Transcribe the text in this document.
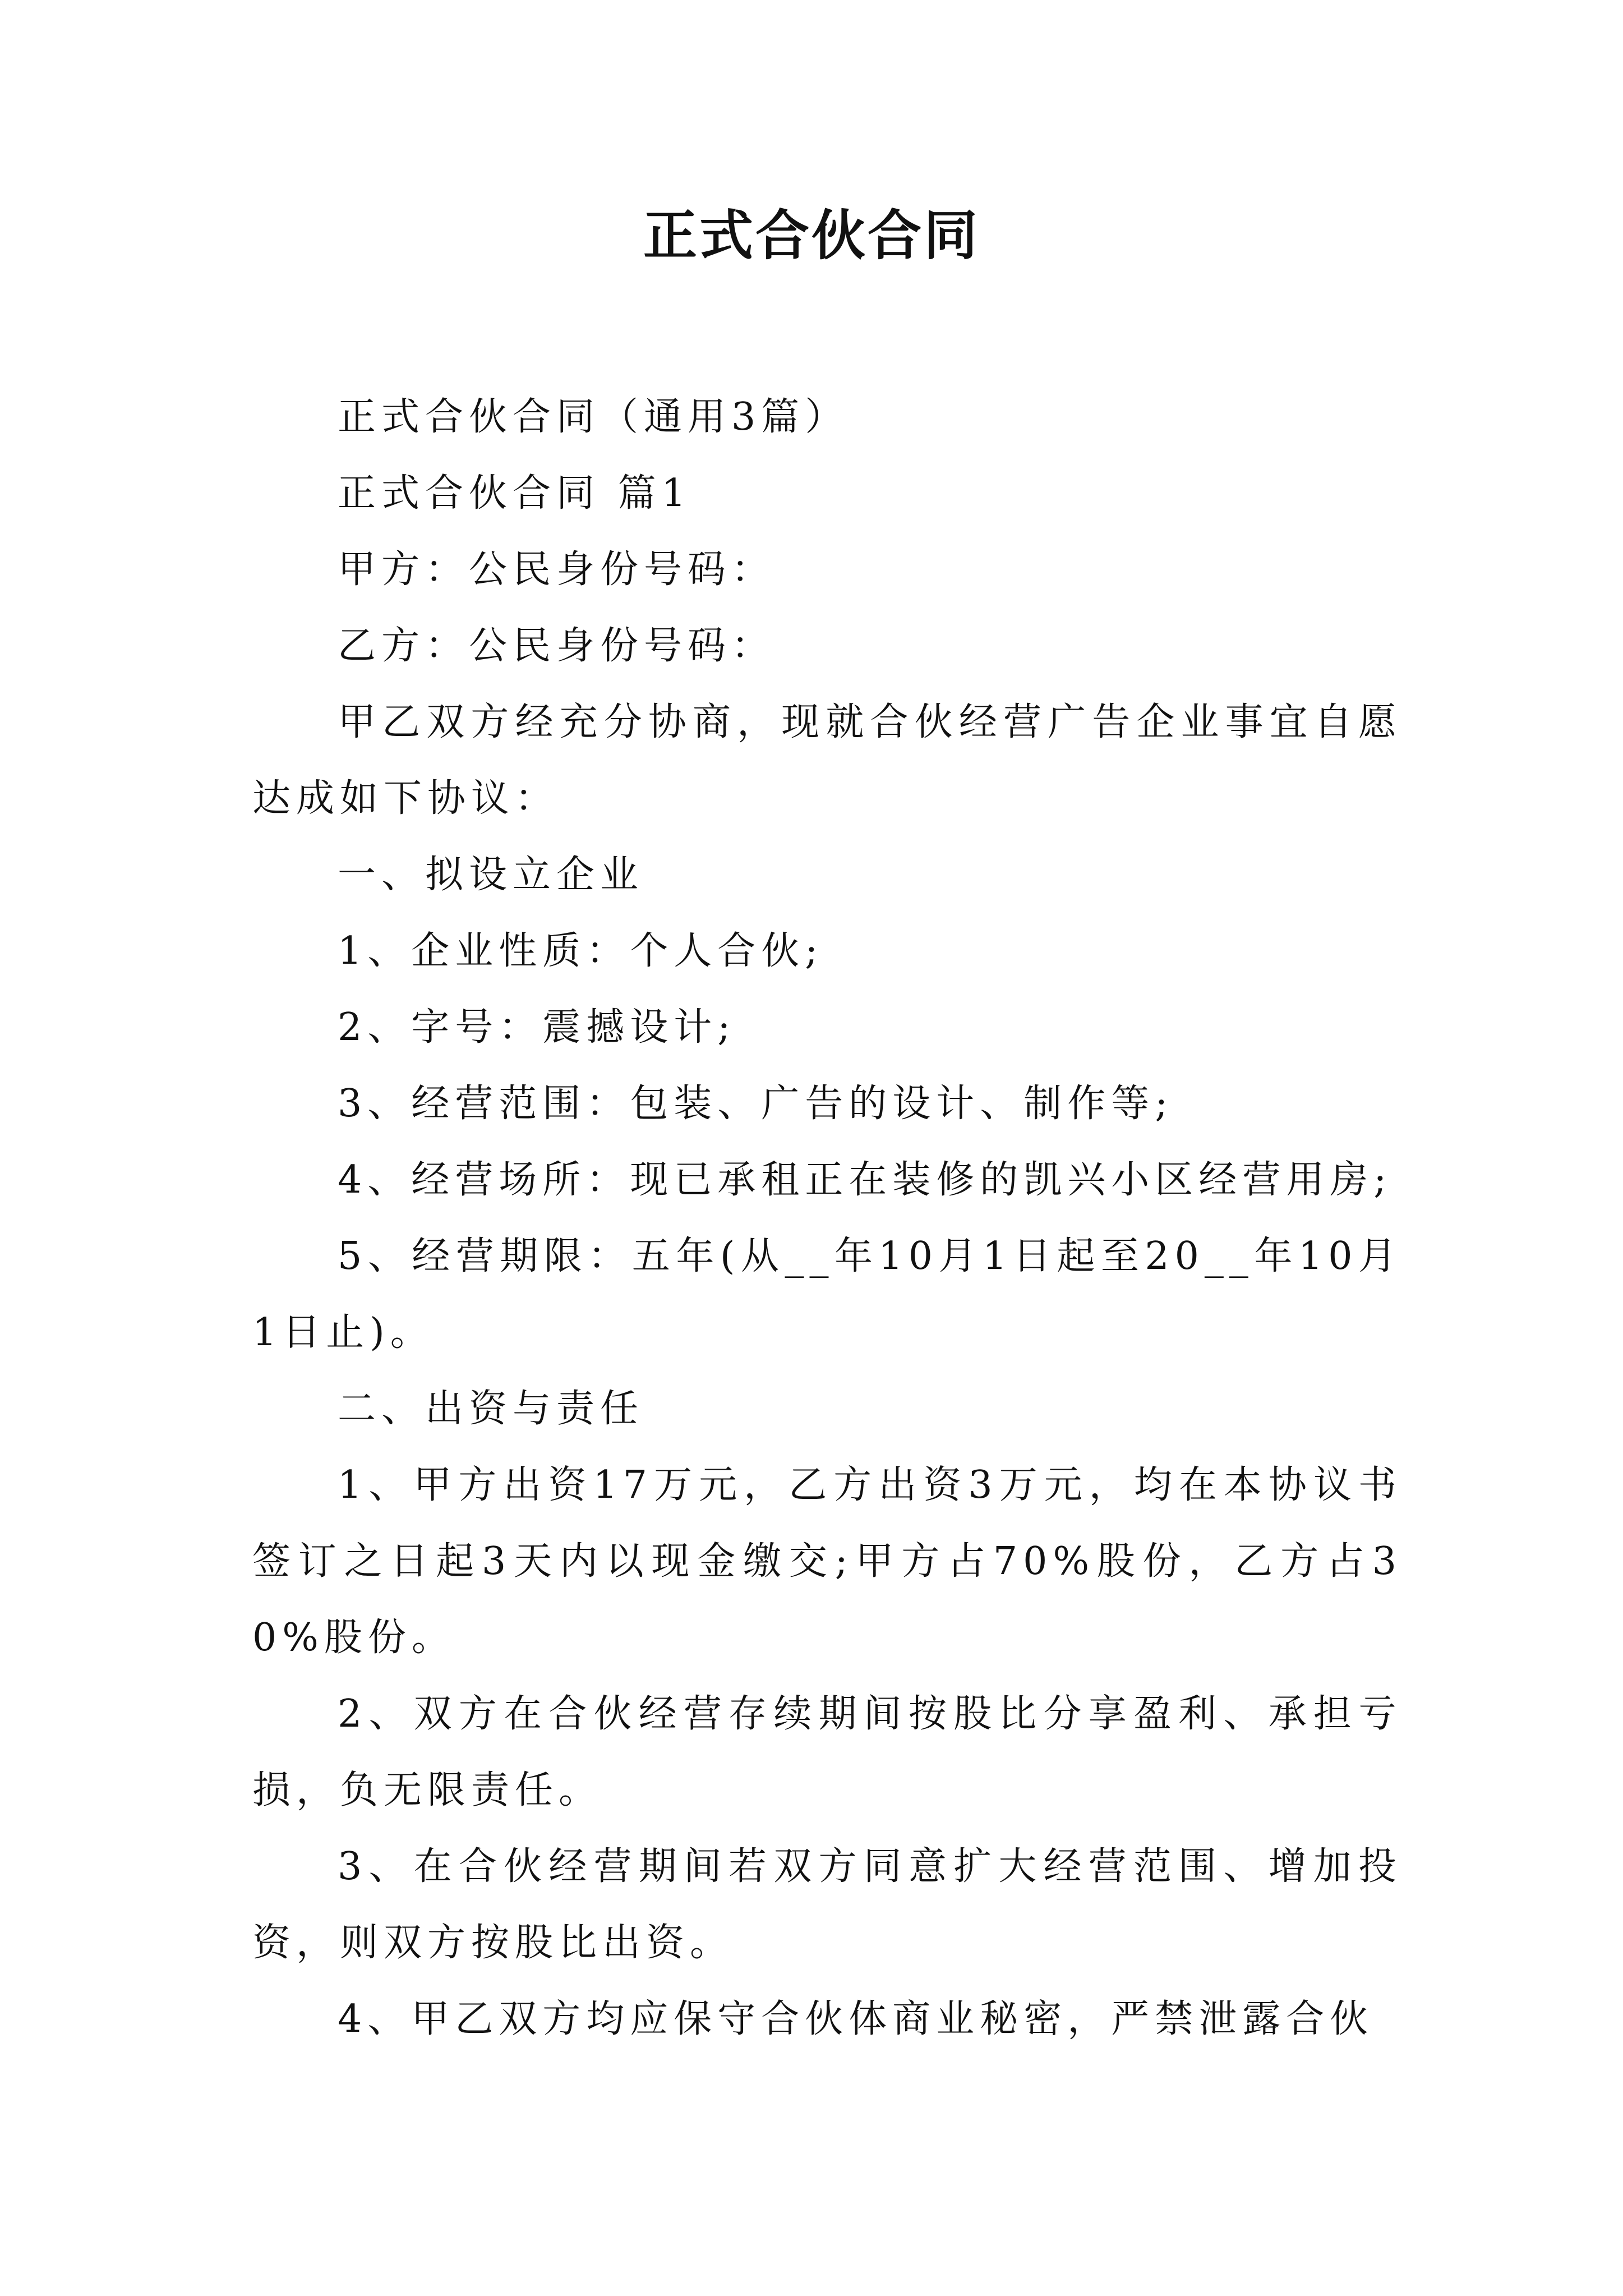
正式合伙合同

正式合伙合同（通用3篇）

正式合伙合同 篇1

甲方：公民身份号码：

乙方：公民身份号码：

甲乙双方经充分协商，现就合伙经营广告企业事宜自愿达成如下协议：

一、拟设立企业

1、企业性质：个人合伙;

2、字号：震撼设计;

3、经营范围：包装、广告的设计、制作等;

4、经营场所：现已承租正在装修的凯兴小区经营用房;

5、经营期限：五年(从__年10月1日起至20__年10月1日止)。

二、出资与责任

1、甲方出资17万元，乙方出资3万元，均在本协议书签订之日起3天内以现金缴交;甲方占70%股份，乙方占30%股份。

2、双方在合伙经营存续期间按股比分享盈利、承担亏损，负无限责任。

3、在合伙经营期间若双方同意扩大经营范围、增加投资，则双方按股比出资。

4、甲乙双方均应保守合伙体商业秘密，严禁泄露合伙
